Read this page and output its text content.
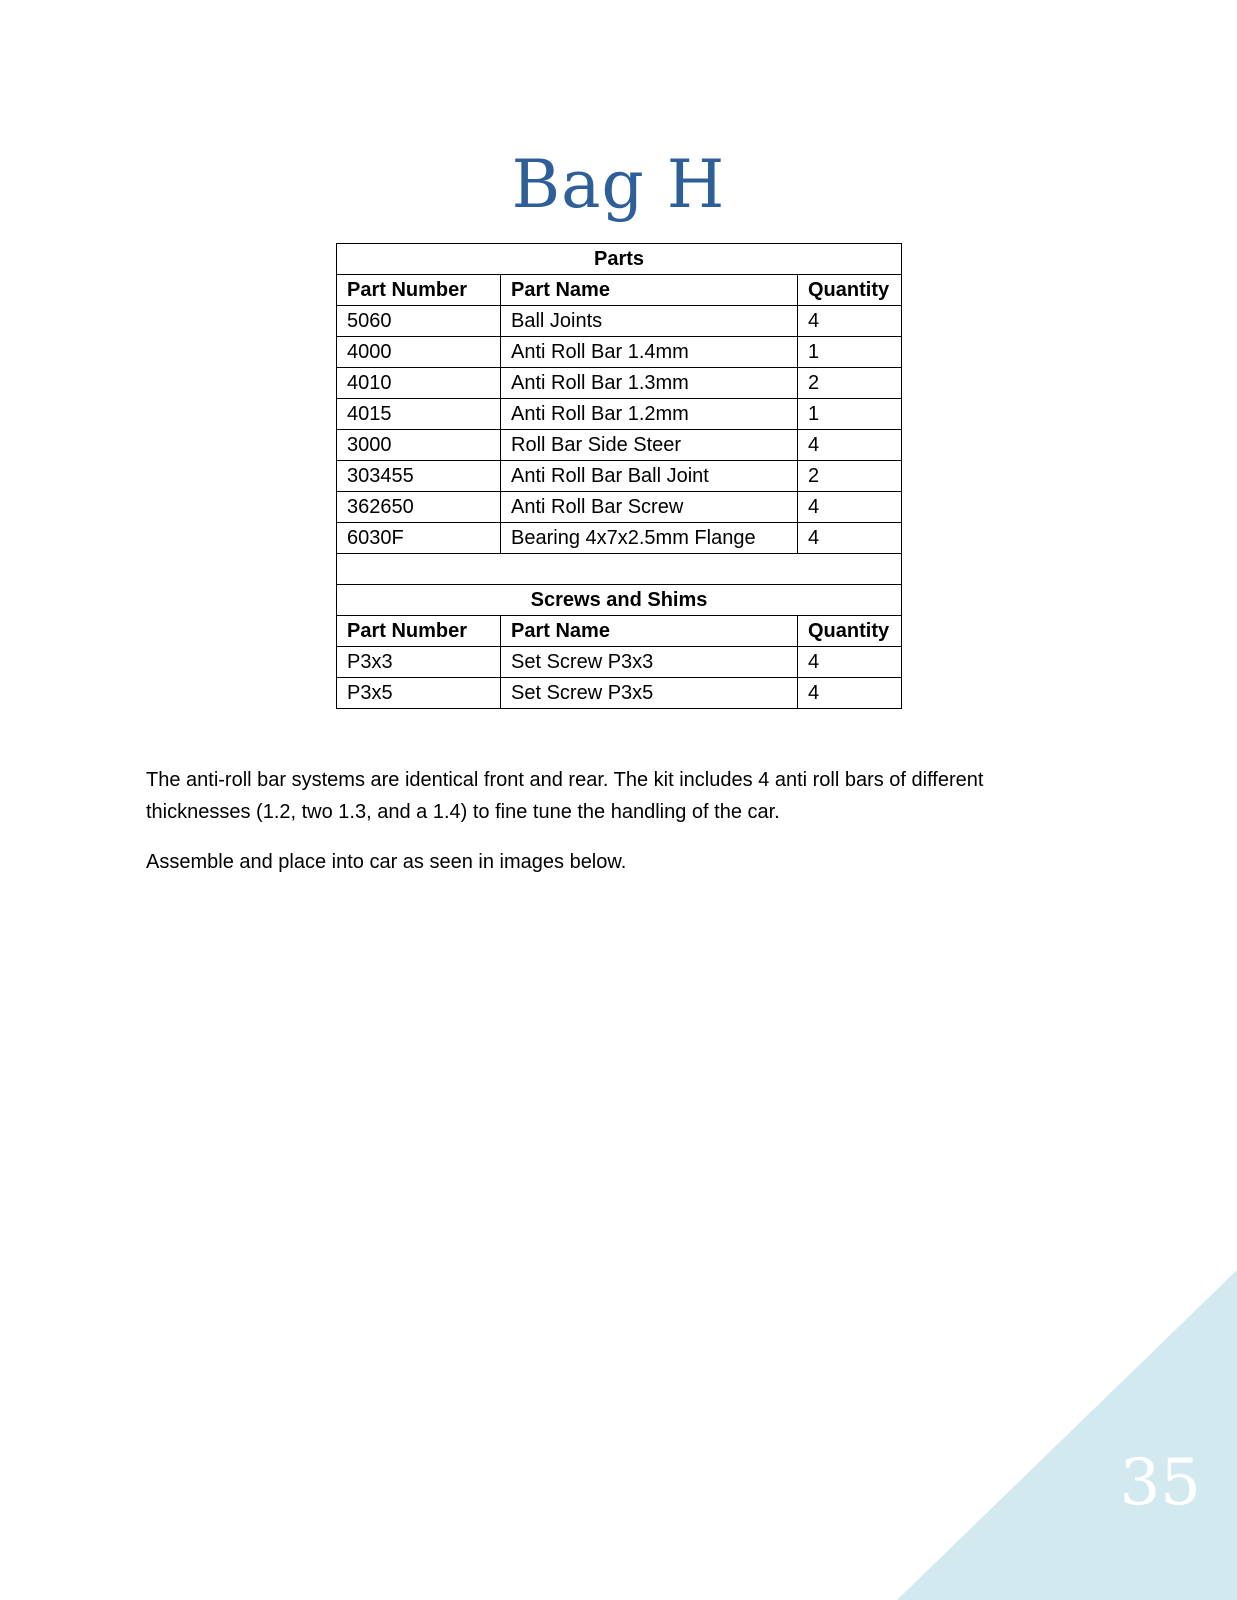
Bag H
Parts		
Part Number	Part Name	Quantity
5060	Ball Joints	4
4000	Anti Roll Bar 1.4mm	1
4010	Anti Roll Bar 1.3mm	2
4015	Anti Roll Bar 1.2mm	1
3000	Roll Bar Side Steer	4
303455	Anti Roll Bar Ball Joint	2
362650	Anti Roll Bar Screw	4
6030F	Bearing 4x7x2.5mm Flange	4

Screws and Shims		
Part Number	Part Name	Quantity
P3x3	Set Screw P3x3	4
P3x5	Set Screw P3x5	4

The anti-roll bar systems are identical front and rear. The kit includes 4 anti roll bars of different thicknesses (1.2, two 1.3, and a 1.4) to fine tune the handling of the car.

Assemble and place into car as seen in images below.

35
